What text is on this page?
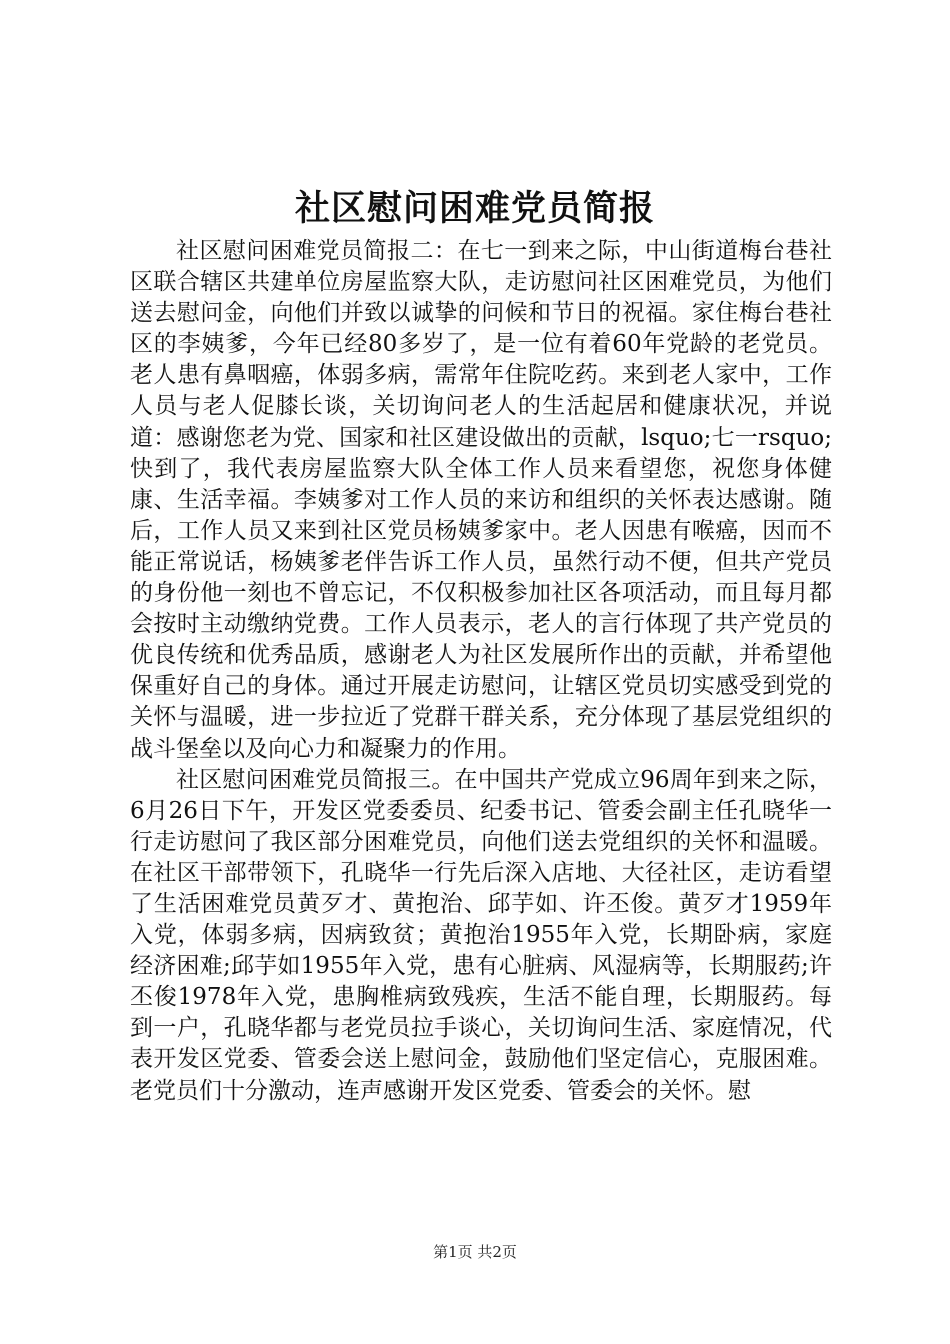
社区慰问困难党员简报

社区慰问困难党员简报二：在七一到来之际，中山街道梅台巷社区联合辖区共建单位房屋监察大队，走访慰问社区困难党员，为他们送去慰问金，向他们并致以诚挚的问候和节日的祝福。家住梅台巷社区的李姨爹，今年已经80多岁了，是一位有着60年党龄的老党员。老人患有鼻咽癌，体弱多病，需常年住院吃药。来到老人家中，工作人员与老人促膝长谈，关切询问老人的生活起居和健康状况，并说道：感谢您老为党、国家和社区建设做出的贡献，lsquo;七一rsquo;快到了，我代表房屋监察大队全体工作人员来看望您，祝您身体健康、生活幸福。李姨爹对工作人员的来访和组织的关怀表达感谢。随后，工作人员又来到社区党员杨姨爹家中。老人因患有喉癌，因而不能正常说话，杨姨爹老伴告诉工作人员，虽然行动不便，但共产党员的身份他一刻也不曾忘记，不仅积极参加社区各项活动，而且每月都会按时主动缴纳党费。工作人员表示，老人的言行体现了共产党员的优良传统和优秀品质，感谢老人为社区发展所作出的贡献，并希望他保重好自己的身体。通过开展走访慰问，让辖区党员切实感受到党的关怀与温暖，进一步拉近了党群干群关系，充分体现了基层党组织的战斗堡垒以及向心力和凝聚力的作用。

社区慰问困难党员简报三。在中国共产党成立96周年到来之际，6月26日下午，开发区党委委员、纪委书记、管委会副主任孔晓华一行走访慰问了我区部分困难党员，向他们送去党组织的关怀和温暖。在社区干部带领下，孔晓华一行先后深入店地、大径社区，走访看望了生活困难党员黄歹才、黄抱治、邱芋如、许丕俊。黄歹才1959年入党，体弱多病，因病致贫；黄抱治1955年入党，长期卧病，家庭经济困难;邱芋如1955年入党，患有心脏病、风湿病等，长期服药;许丕俊1978年入党，患胸椎病致残疾，生活不能自理，长期服药。每到一户，孔晓华都与老党员拉手谈心，关切询问生活、家庭情况，代表开发区党委、管委会送上慰问金，鼓励他们坚定信心，克服困难。老党员们十分激动，连声感谢开发区党委、管委会的关怀。慰

第1页 共2页
